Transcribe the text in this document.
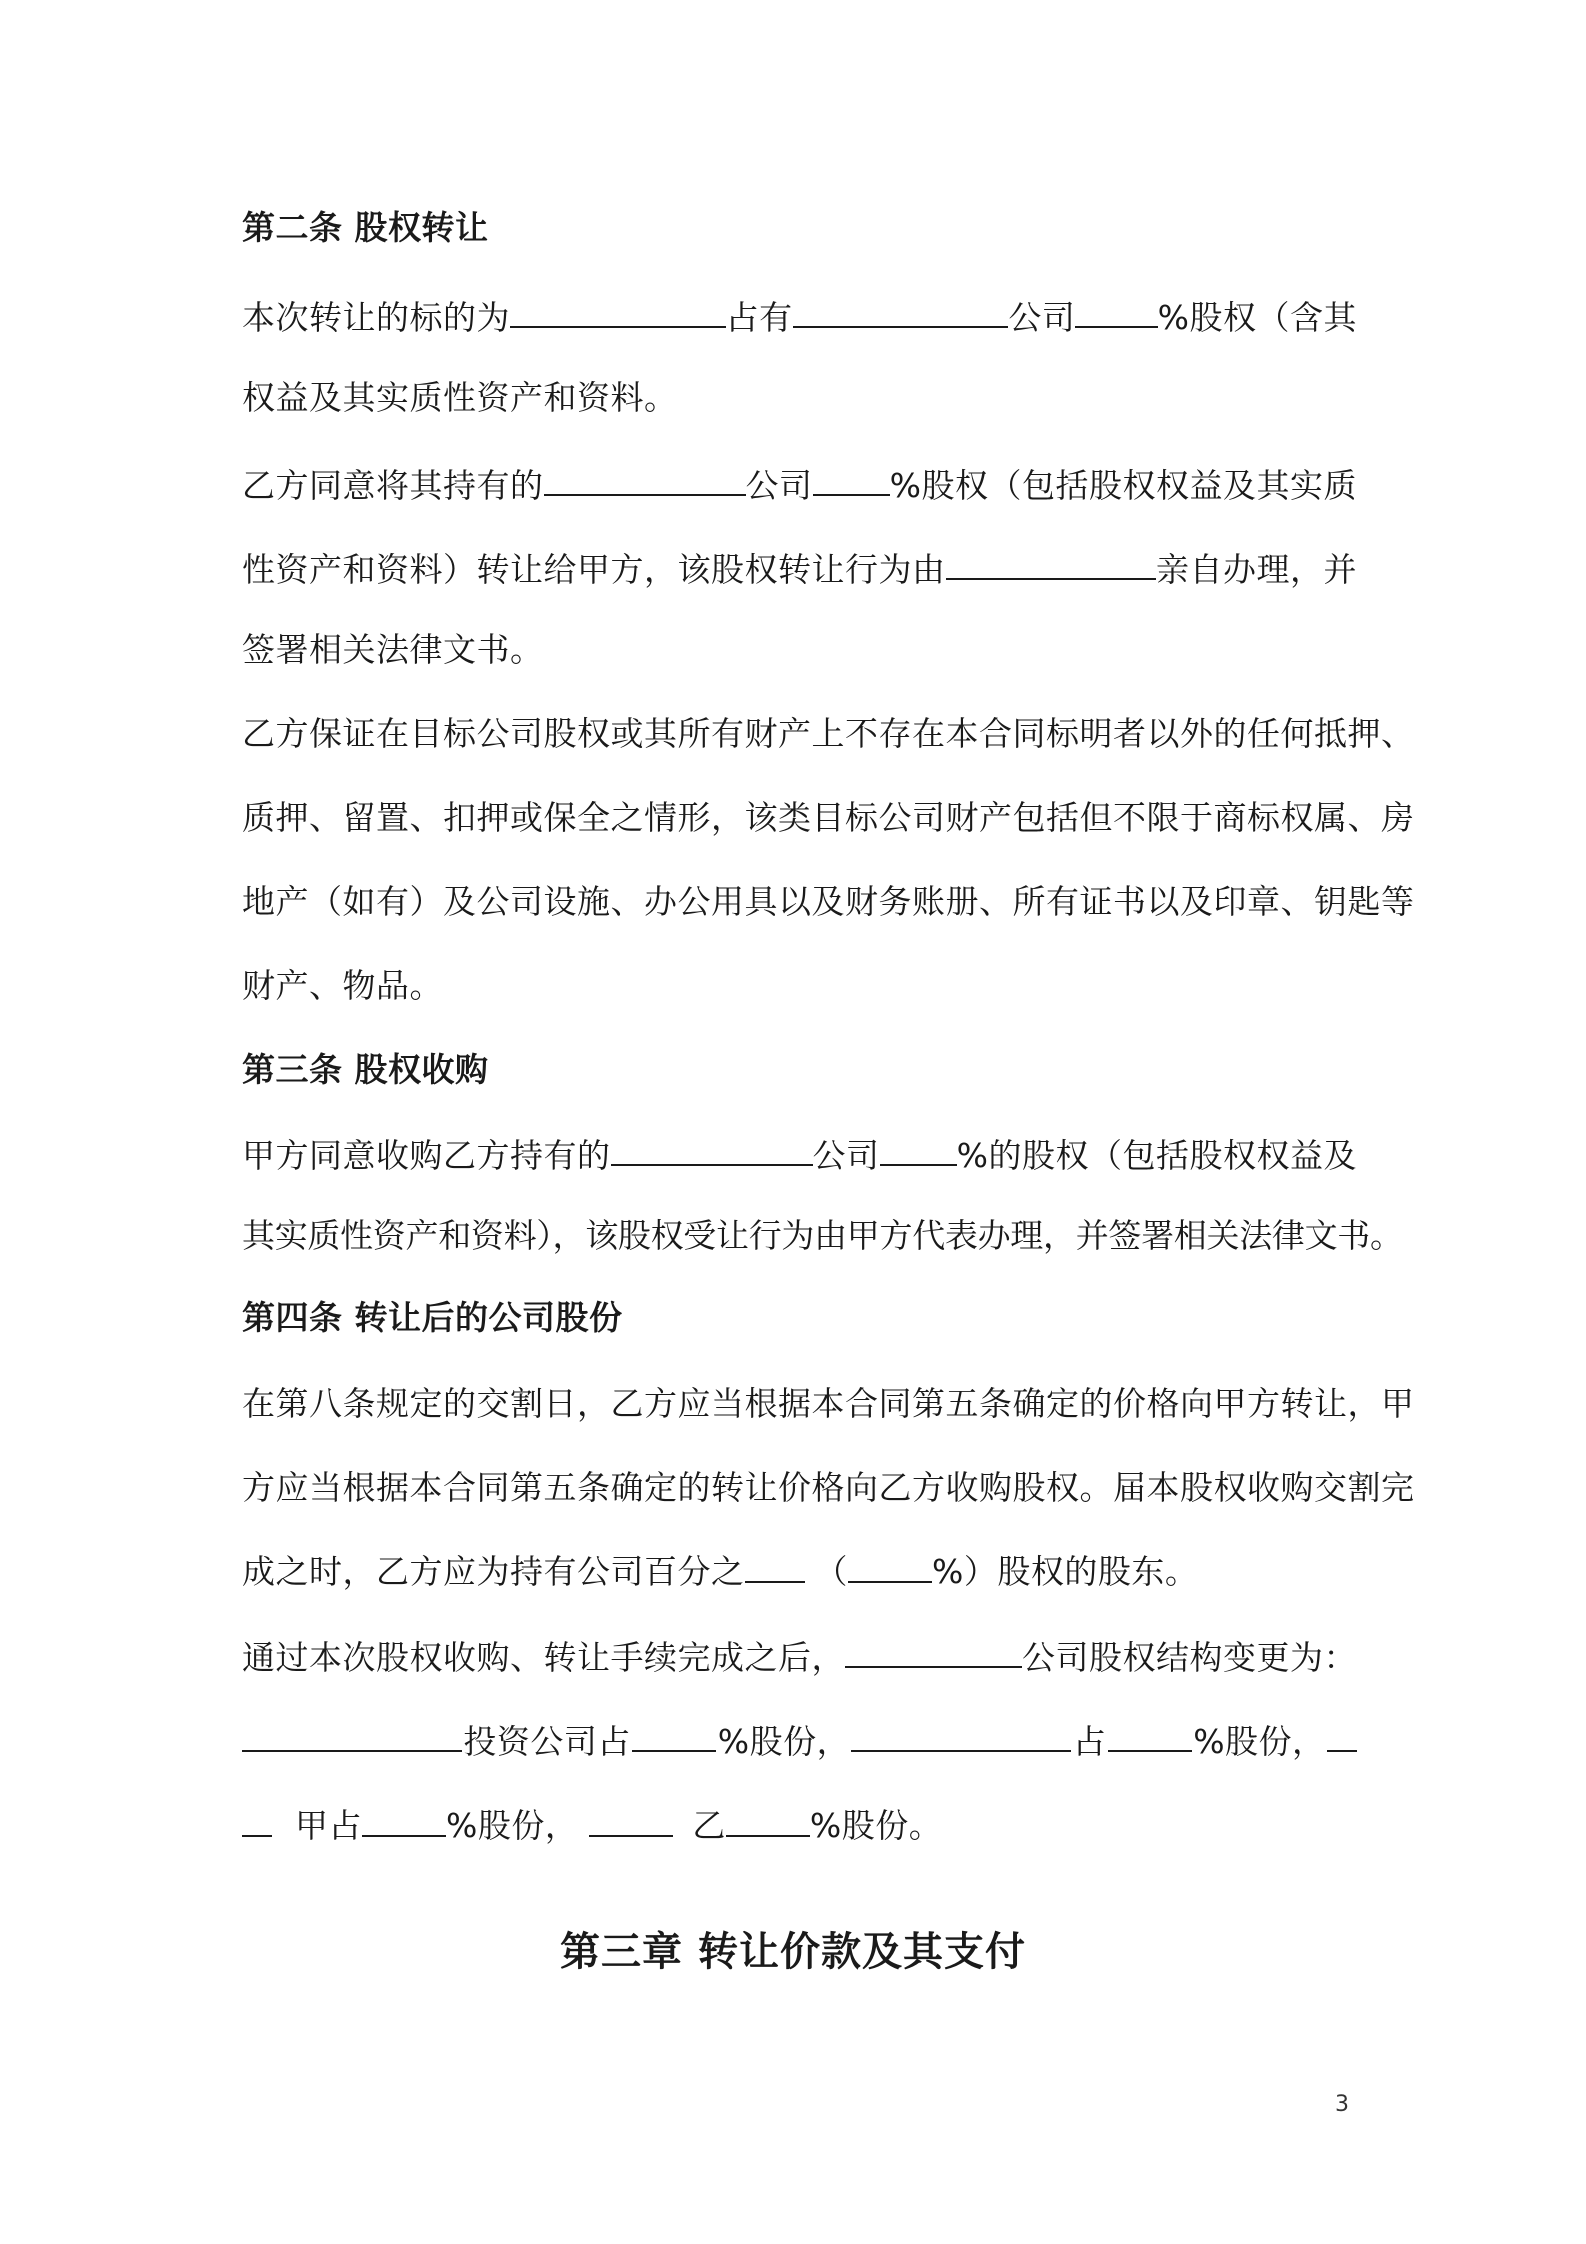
第二条 股权转让
本次转让的标的为	占有	公司 %股权（含其
权益及其实质性资产和资料。
乙方同意将其持有的	公司 %股权（包括股权权益及其实质
性资产和资料）转让给甲方，该股权转让行为由	亲自办理，并
签署相关法律文书。
乙方保证在目标公司股权或其所有财产上不存在本合同标明者以外的任何抵押、
质押、留置、扣押或保全之情形，该类目标公司财产包括但不限于商标权属、房
地产（如有）及公司设施、办公用具以及财务账册、所有证书以及印章、钥匙等
财产、物品。
第三条 股权收购
甲方同意收购乙方持有的	公司 %的股权（包括股权权益及
其实质性资产和资料），该股权受让行为由甲方代表办理，并签署相关法律文书。
第四条 转让后的公司股份
在第八条规定的交割日，乙方应当根据本合同第五条确定的价格向甲方转让，甲
方应当根据本合同第五条确定的转让价格向乙方收购股权。届本股权收购交割完
成之时，乙方应为持有公司百分之 （	%）股权的股东。
通过本次股权收购、转让手续完成之后，	公司股权结构变更为：
投资公司占	%股份，	占	%股份，
甲占	%股份，	乙	%股份。
第三章 转让价款及其支付
3
